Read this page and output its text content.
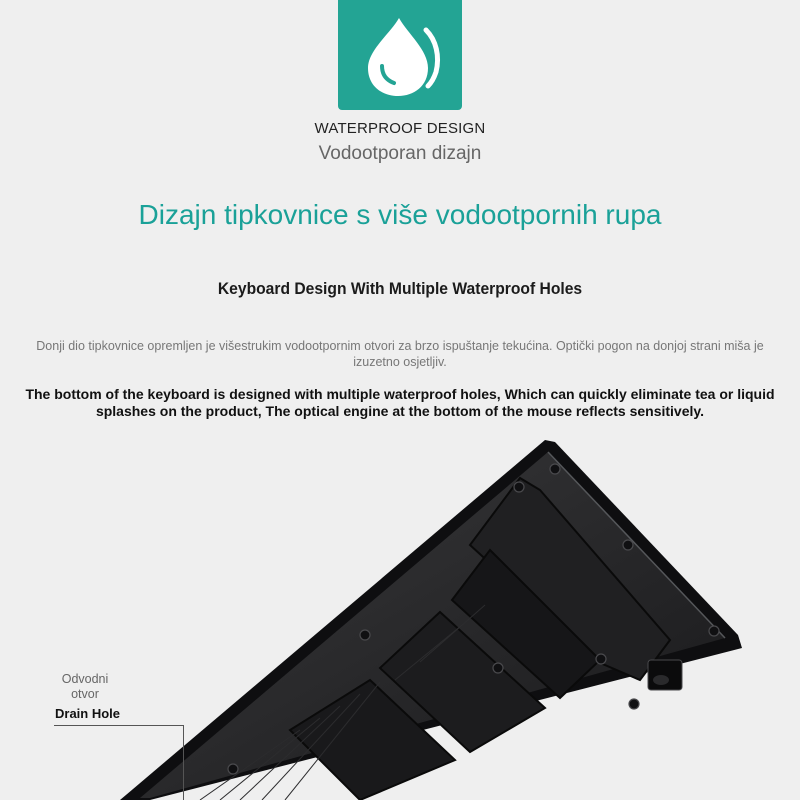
WATERPROOF DESIGN
Vodootporan dizajn
Dizajn tipkovnice s više vodootpornih rupa
Keyboard Design With Multiple Waterproof Holes
Donji dio tipkovnice opremljen je višestrukim vodootpornim otvori za brzo ispuštanje tekućina. Optički pogon na donjoj strani miša je izuzetno osjetljiv.
The bottom of the keyboard is designed with multiple waterproof holes, Which can quickly eliminate tea or liquid splashes on the product, The optical engine at the bottom of the mouse reflects sensitively.
Odvodni otvor
Drain Hole
